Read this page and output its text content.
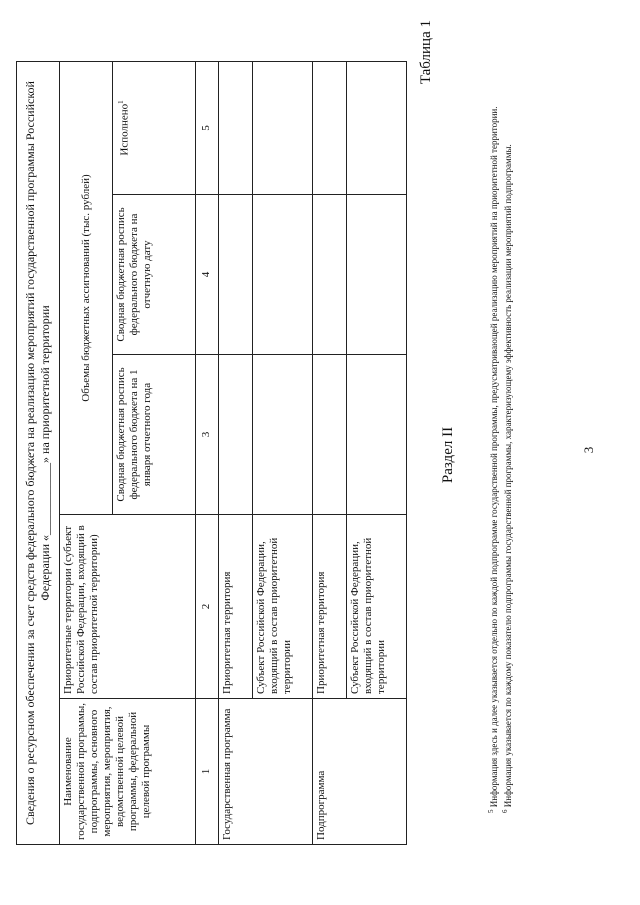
3

$^5$ Информация здесь и далее указывается отдельно по каждой подпрограмме государственной программы, предусматривающей реализацию мероприятий на приоритетной территории.

$^6$ Информация указывается по каждому показателю подпрограммы государственной программы, характеризующему эффективность реализации мероприятий подпрограммы.

Раздел II
Таблица 1
Сведения о ресурсном обеспечении за счет средств федерального бюджета на реализацию мероприятий государственной программы Российской Федерации «____________» на приоритетной территории				
Наименование государственной программы, подпрограммы, основного мероприятия, мероприятия, ведомственной целевой программы, федеральной целевой программы	Приоритетные территории (субъект Российской Федерации, входящий в состав приоритетной территории)	Объемы бюджетных ассигнований (тыс. рублей)		
		Сводная бюджетная роспись федерального бюджета на 1 января отчетного года	Сводная бюджетная роспись федерального бюджета на отчетную дату	Исполнено$^1$
1	2	3	4	5
Государственная программа	Приоритетная территория			
	Субъект Российской Федерации, входящий в состав приоритетной территории			
Подпрограмма	Приоритетная территория			
	Субъект Российской Федерации, входящий в состав приоритетной территории			
